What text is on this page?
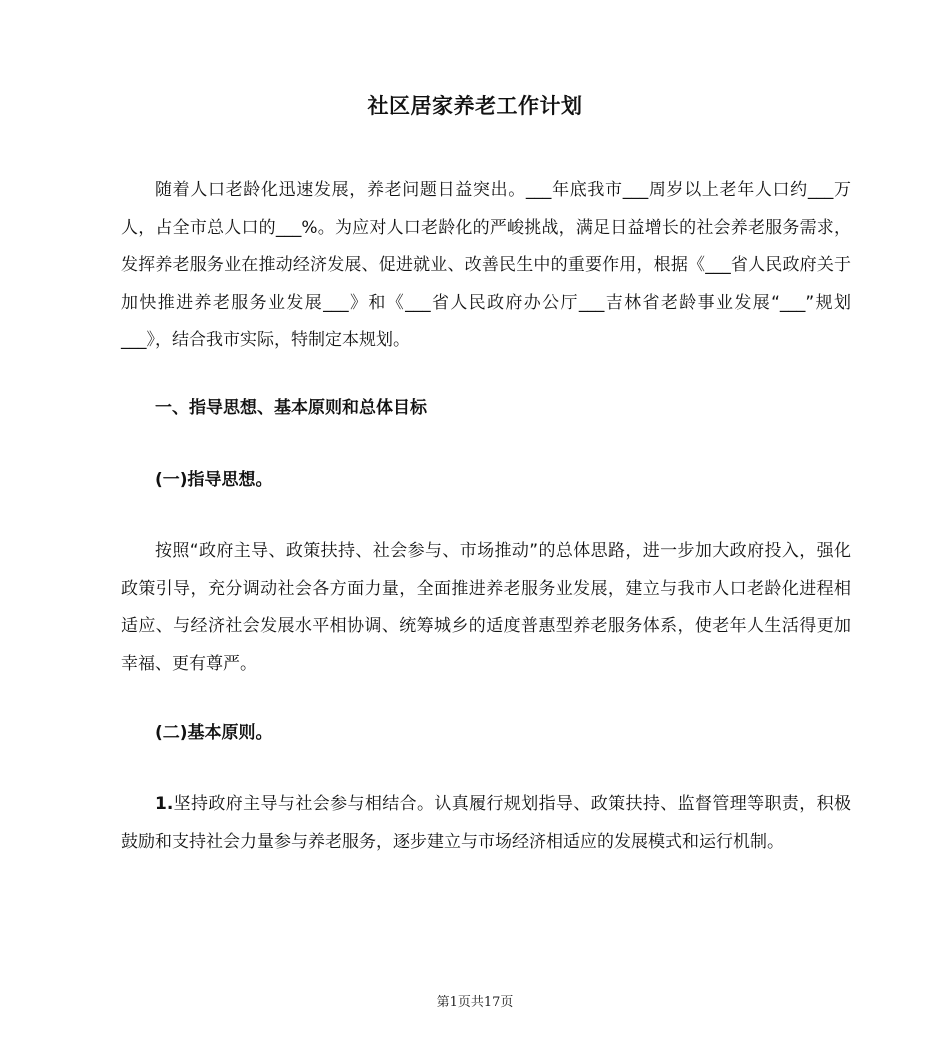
社区居家养老工作计划

随着人口老龄化迅速发展，养老问题日益突出。___年底我市___周岁以上老年人口约___万人，占全市总人口的___%。为应对人口老龄化的严峻挑战，满足日益增长的社会养老服务需求，发挥养老服务业在推动经济发展、促进就业、改善民生中的重要作用，根据《___省人民政府关于加快推进养老服务业发展___》和《___省人民政府办公厅___吉林省老龄事业发展“___”规划___》，结合我市实际，特制定本规划。

一、指导思想、基本原则和总体目标
(一)指导思想。

按照“政府主导、政策扶持、社会参与、市场推动”的总体思路，进一步加大政府投入，强化政策引导，充分调动社会各方面力量，全面推进养老服务业发展，建立与我市人口老龄化进程相适应、与经济社会发展水平相协调、统筹城乡的适度普惠型养老服务体系，使老年人生活得更加幸福、更有尊严。

(二)基本原则。

1.坚持政府主导与社会参与相结合。认真履行规划指导、政策扶持、监督管理等职责，积极鼓励和支持社会力量参与养老服务，逐步建立与市场经济相适应的发展模式和运行机制。

第1页共17页
